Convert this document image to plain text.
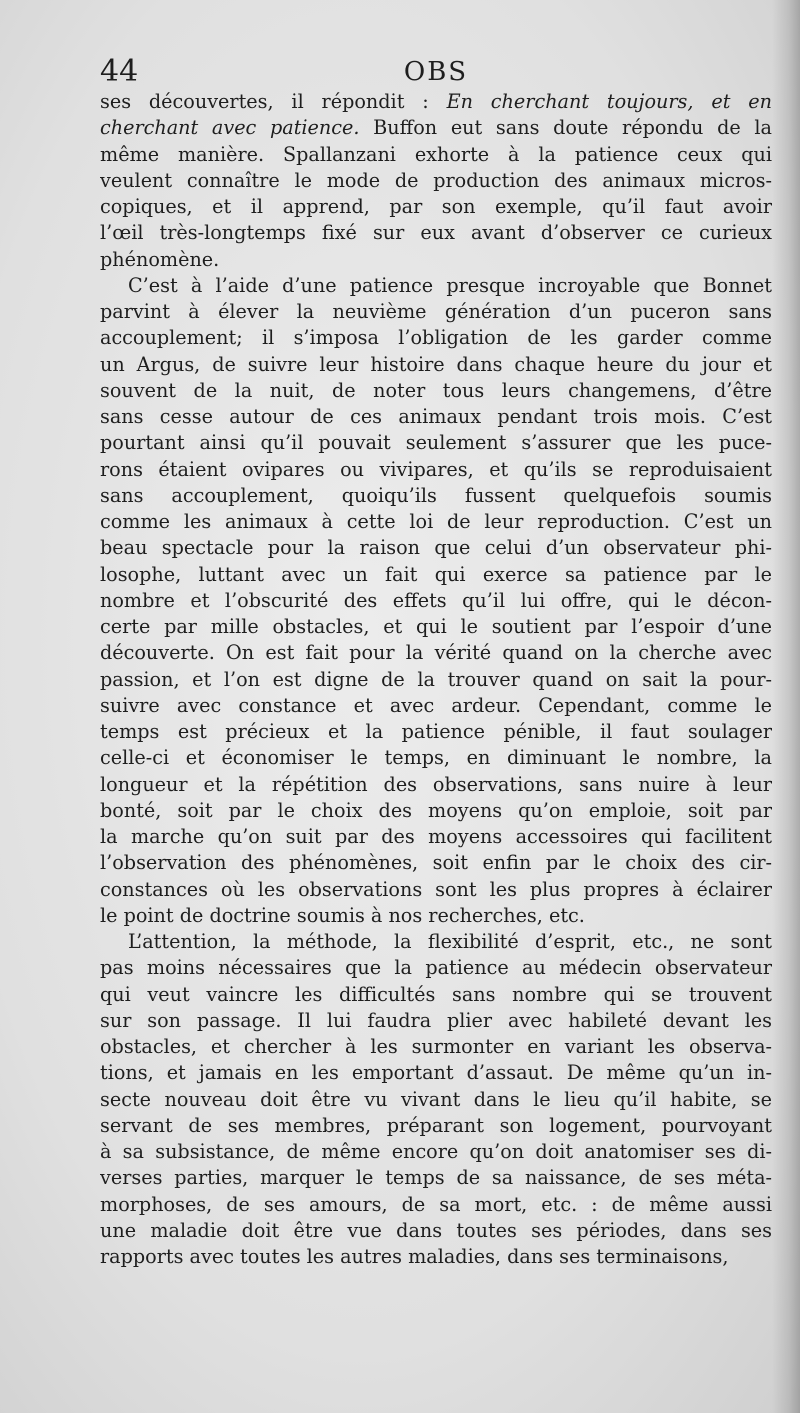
44	OBS
ses découvertes, il répondit : En cherchant toujours, et en
cherchant avec patience. Buffon eut sans doute répondu de la
même manière. Spallanzani exhorte à la patience ceux qui
veulent connaître le mode de production des animaux micros-
copiques, et il apprend, par son exemple, qu’il faut avoir
l’œil très-longtemps fixé sur eux avant d’observer ce curieux
phénomène.
C’est à l’aide d’une patience presque incroyable que Bonnet
parvint à élever la neuvième génération d’un puceron sans
accouplement; il s’imposa l’obligation de les garder comme
un Argus, de suivre leur histoire dans chaque heure du jour et
souvent de la nuit, de noter tous leurs changemens, d’être
sans cesse autour de ces animaux pendant trois mois. C’est
pourtant ainsi qu’il pouvait seulement s’assurer que les puce-
rons étaient ovipares ou vivipares, et qu’ils se reproduisaient
sans accouplement, quoiqu’ils fussent quelquefois soumis
comme les animaux à cette loi de leur reproduction. C’est un
beau spectacle pour la raison que celui d’un observateur phi-
losophe, luttant avec un fait qui exerce sa patience par le
nombre et l’obscurité des effets qu’il lui offre, qui le décon-
certe par mille obstacles, et qui le soutient par l’espoir d’une
découverte. On est fait pour la vérité quand on la cherche avec
passion, et l’on est digne de la trouver quand on sait la pour-
suivre avec constance et avec ardeur. Cependant, comme le
temps est précieux et la patience pénible, il faut soulager
celle-ci et économiser le temps, en diminuant le nombre, la
longueur et la répétition des observations, sans nuire à leur
bonté, soit par le choix des moyens qu’on emploie, soit par
la marche qu’on suit par des moyens accessoires qui facilitent
l’observation des phénomènes, soit enfin par le choix des cir-
constances où les observations sont les plus propres à éclairer
le point de doctrine soumis à nos recherches, etc.
L’attention, la méthode, la flexibilité d’esprit, etc., ne sont
pas moins nécessaires que la patience au médecin observateur
qui veut vaincre les difficultés sans nombre qui se trouvent
sur son passage. Il lui faudra plier avec habileté devant les
obstacles, et chercher à les surmonter en variant les observa-
tions, et jamais en les emportant d’assaut. De même qu’un in-
secte nouveau doit être vu vivant dans le lieu qu’il habite, se
servant de ses membres, préparant son logement, pourvoyant
à sa subsistance, de même encore qu’on doit anatomiser ses di-
verses parties, marquer le temps de sa naissance, de ses méta-
morphoses, de ses amours, de sa mort, etc. : de même aussi
une maladie doit être vue dans toutes ses périodes, dans ses
rapports avec toutes les autres maladies, dans ses terminaisons,
